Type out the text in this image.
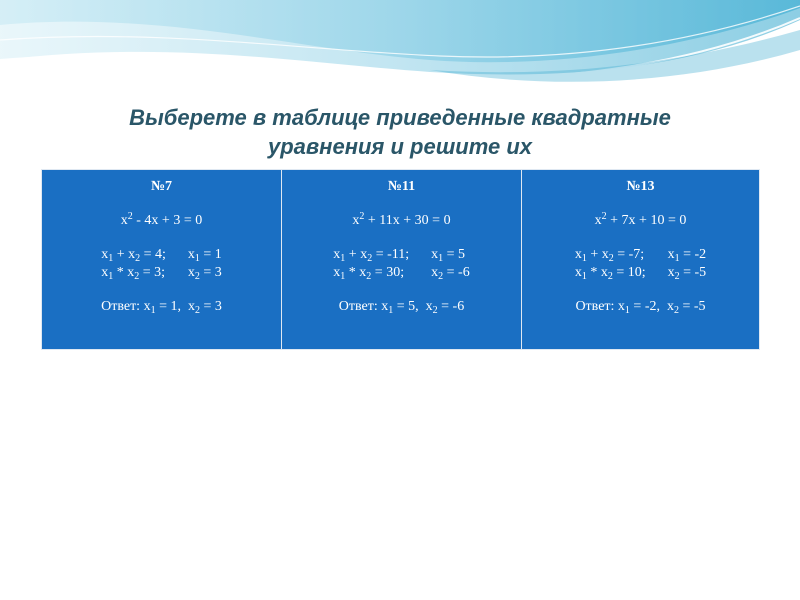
Выберете в таблице приведенные квадратные
уравнения и решите их
№7
$x^2 - 4x + 3 = 0$
$x_1 + x_2 = 4$;
$x_1 * x_2 = 3$;
$x_1 = 1$
$x_2 = 3$
Ответ: $x_1 = 1$,  $x_2 = 3$
№11
$x^2 + 11x + 30 = 0$
$x_1 + x_2 = -11$;
$x_1 * x_2 = 30$;
$x_1 = 5$
$x_2 = -6$
Ответ: $x_1 = 5$,  $x_2 = -6$
№13
$x^2 + 7x + 10 = 0$
$x_1 + x_2 = -7$;
$x_1 * x_2 = 10$;
$x_1 = -2$
$x_2 = -5$
Ответ: $x_1 = -2$,  $x_2 = -5$
